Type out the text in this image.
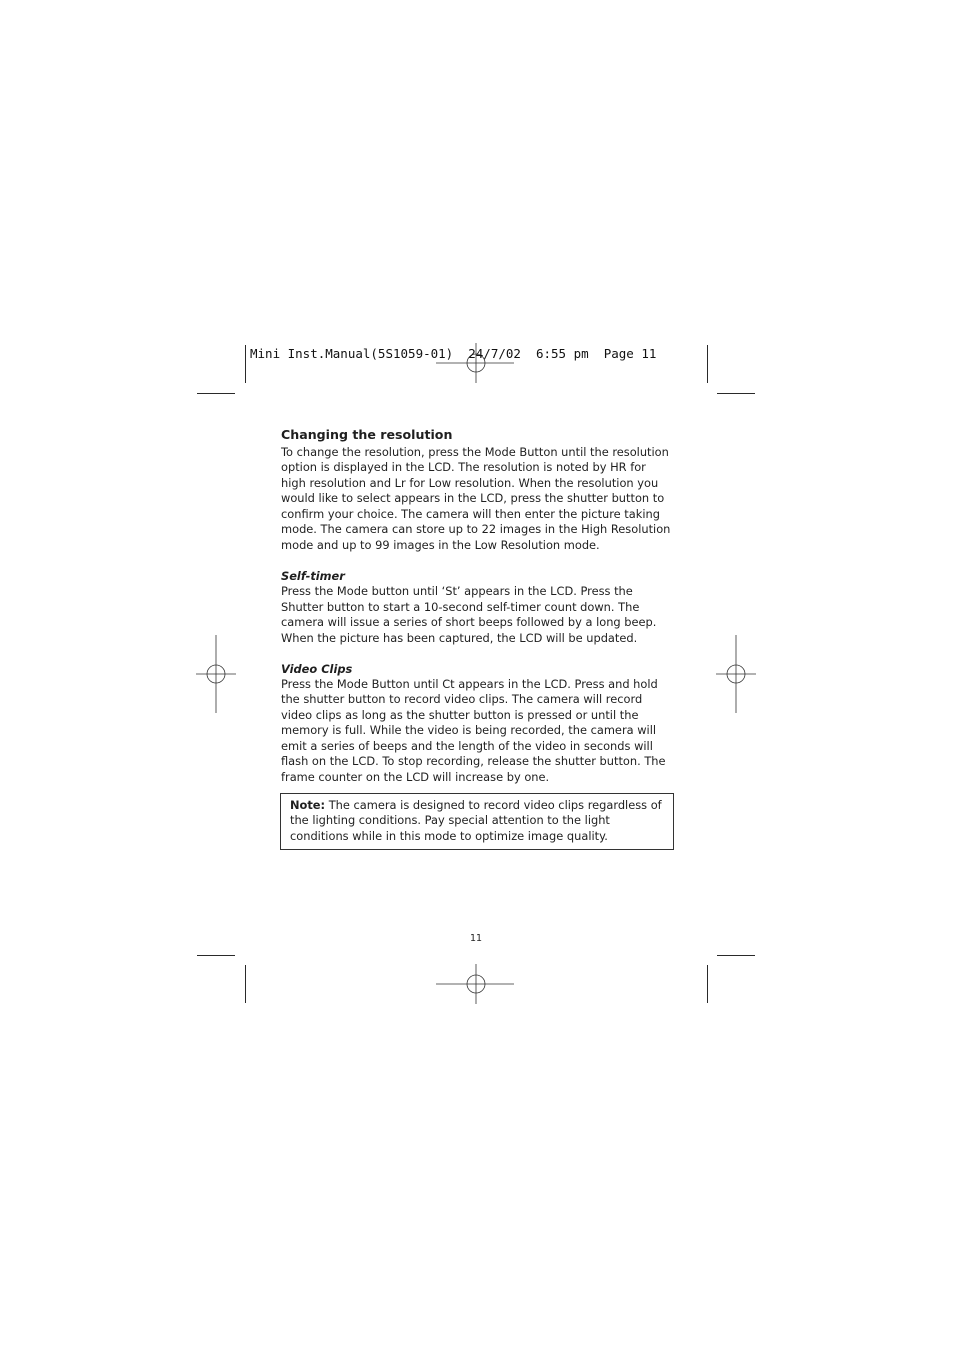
Mini Inst.Manual(5S1059-01)  24/7/02  6:55 pm  Page 11
Changing the resolution

To change the resolution, press the Mode Button until the resolution
option is displayed in the LCD. The resolution is noted by HR for
high resolution and Lr for Low resolution. When the resolution you
would like to select appears in the LCD, press the shutter button to
confirm your choice. The camera will then enter the picture taking
mode. The camera can store up to 22 images in the High Resolution
mode and up to 99 images in the Low Resolution mode.

Self-timer

Press the Mode button until ‘St’ appears in the LCD. Press the
Shutter button to start a 10-second self-timer count down. The
camera will issue a series of short beeps followed by a long beep.
When the picture has been captured, the LCD will be updated.

Video Clips

Press the Mode Button until Ct appears in the LCD. Press and hold
the shutter button to record video clips. The camera will record
video clips as long as the shutter button is pressed or until the
memory is full. While the video is being recorded, the camera will
emit a series of beeps and the length of the video in seconds will
flash on the LCD. To stop recording, release the shutter button. The
frame counter on the LCD will increase by one.

Note: The camera is designed to record video clips regardless of
the lighting conditions. Pay special attention to the light
conditions while in this mode to optimize image quality.
11
